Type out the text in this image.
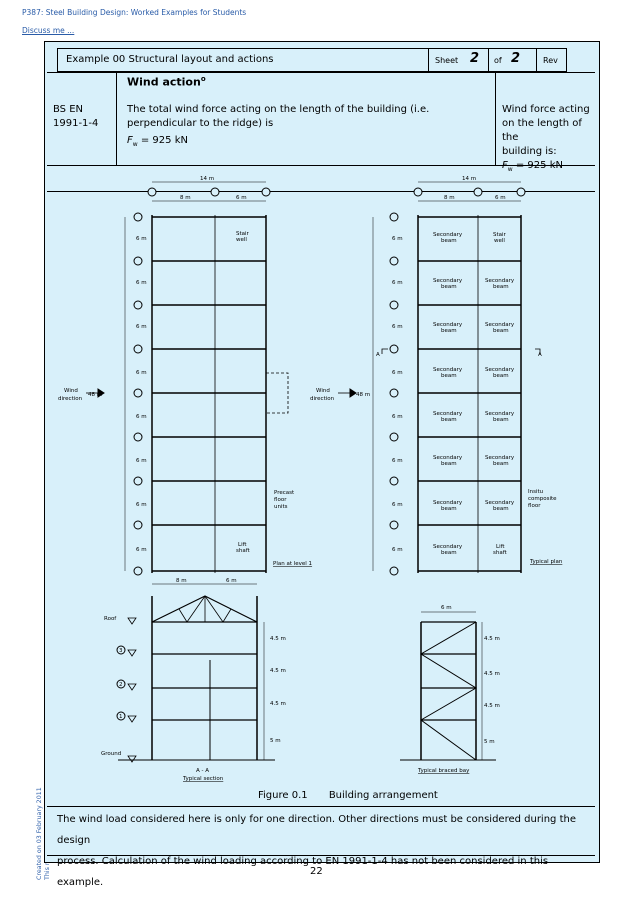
P387: Steel Building Design: Worked Examples for Students
Discuss me ...
Created on 03 February 2011
Example 00 Structural layout and actions	Sheet 2 of 2	Rev
Wind action$^o$
BS EN
1991-1-4
The total wind force acting on the length of the building (i.e.
perpendicular to the ridge) is
$F_w = 925$ kN
Wind force acting
on the length of the
building is:
$F_w = 925$ kN
14 m
8 m	6 m
6 m
6 m
6 m
6 m
6 m
6 m
6 m
6 m
48 m
Wind
direction
Stair
well
Lift
shaft
Precast
floor
units
Plan at level 1
14 m
8 m	6 m
6 m
6 m
6 m
6 m
6 m
6 m
6 m
6 m
48 m
Wind
direction
Secondary
beam
Stair
well
Secondary
beam
Secondary
beam
Secondary
beam
Secondary
beam
Secondary
beam
Secondary
beam
Secondary
beam
Secondary
beam
Secondary
beam
Secondary
beam
Secondary
beam
Secondary
beam
Secondary
beam
Lift
shaft
Insitu
composite
floor
Typical plan
A	A
8 m	6 m
Roof
Ground
3
2
1
4.5 m
4.5 m
4.5 m
5 m
A - A
Typical section
6 m
4.5 m
4.5 m
4.5 m
5 m
Typical braced bay
Figure 0.1 Building arrangement
The wind load considered here is only for one direction. Other directions must be considered during the design
process. Calculation of the wind loading according to EN 1991-1-4 has not been considered in this example.
22
